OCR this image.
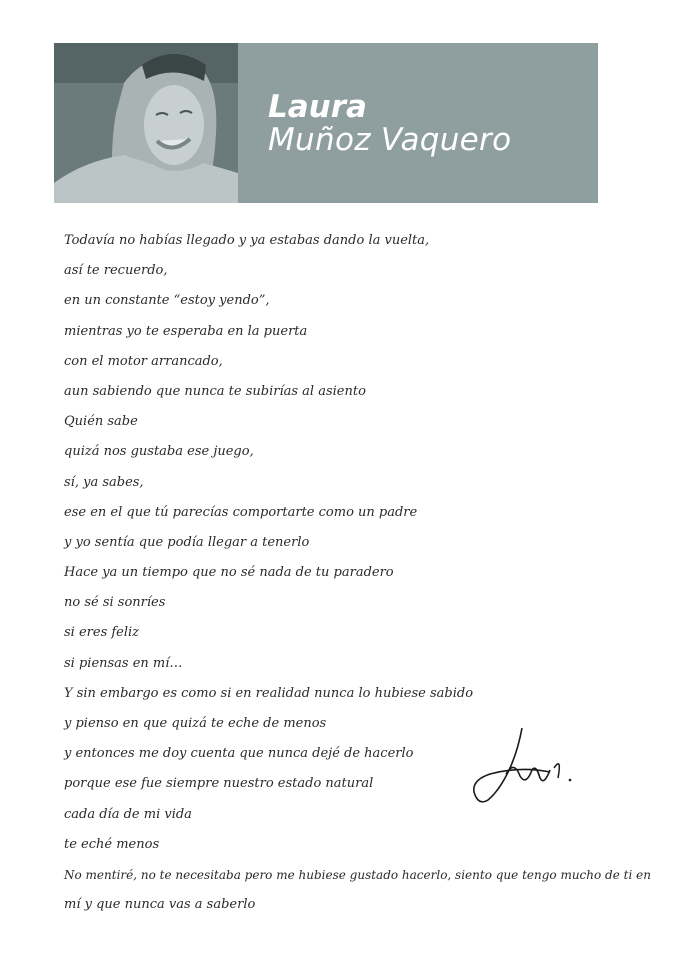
Laura
Muñoz Vaquero
Todavía no habías llegado y ya estabas dando la vuelta,
así te recuerdo,
en un constante “estoy yendo”,
mientras yo te esperaba en la puerta
con el motor arrancado,
aun sabiendo que nunca te subirías al asiento
Quién sabe
quizá nos gustaba ese juego,
sí, ya sabes,
ese en el que tú parecías comportarte como un padre
y yo sentía que podía llegar a tenerlo
Hace ya un tiempo que no sé nada de tu paradero
no sé si sonríes
si eres feliz
si piensas en mí…
Y sin embargo es como si en realidad nunca lo hubiese sabido
y pienso en que quizá te eche de menos
y entonces me doy cuenta que nunca dejé de hacerlo
porque ese fue siempre nuestro estado natural
cada día de mi vida
te eché menos
No mentiré, no te necesitaba pero me hubiese gustado hacerlo, siento que tengo mucho de ti en
mí y que nunca vas a saberlo
